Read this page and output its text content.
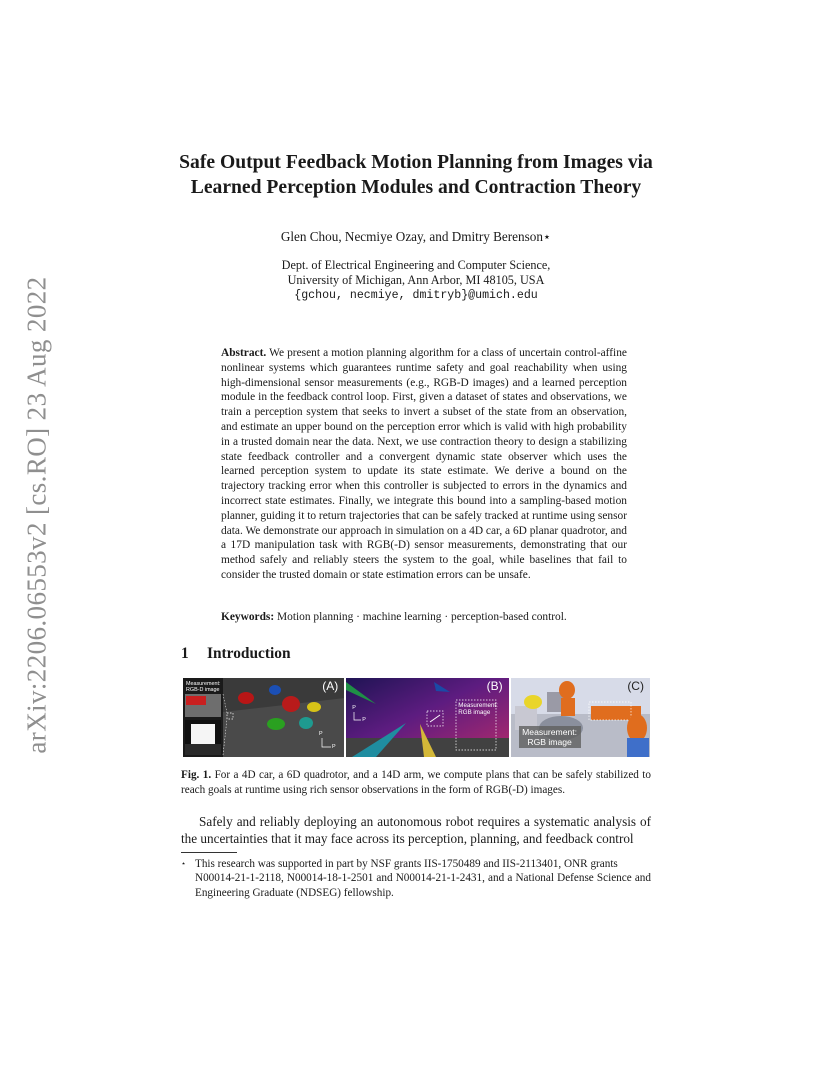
arXiv:2206.06553v2 [cs.RO] 23 Aug 2022
Safe Output Feedback Motion Planning from Images via
Learned Perception Modules and Contraction Theory
Glen Chou, Necmiye Ozay, and Dmitry Berenson⋆
Dept. of Electrical Engineering and Computer Science,
University of Michigan, Ann Arbor, MI 48105, USA
{gchou, necmiye, dmitryb}@umich.edu
Abstract. We present a motion planning algorithm for a class of uncertain control-affine nonlinear systems which guarantees runtime safety and goal reachability when using high-dimensional sensor measurements (e.g., RGB-D images) and a learned perception module in the feedback control loop. First, given a dataset of states and observations, we train a perception system that seeks to invert a subset of the state from an observation, and estimate an upper bound on the perception error which is valid with high probability in a trusted domain near the data. Next, we use contraction theory to design a stabilizing state feedback controller and a convergent dynamic state observer which uses the learned perception system to update its state estimate. We derive a bound on the trajectory tracking error when this controller is subjected to errors in the dynamics and incorrect state estimates. Finally, we integrate this bound into a sampling-based motion planner, guiding it to return trajectories that can be safely tracked at runtime using sensor data. We demonstrate our approach in simulation on a 4D car, a 6D planar quadrotor, and a 17D manipulation task with RGB(-D) sensor measurements, demonstrating that our method safely and reliably steers the system to the goal, while baselines that fail to consider the trusted domain or state estimation errors can be unsafe.
Keywords: Motion planning · machine learning · perception-based control.
1 Introduction
Measurement: RGB-D image
P
P
(A)
Measurement: RGB image
P
P
(B)
Measurement: RGB image
(C)
Fig. 1. For a 4D car, a 6D quadrotor, and a 14D arm, we compute plans that can be safely stabilized to reach goals at runtime using rich sensor observations in the form of RGB(-D) images.

Safely and reliably deploying an autonomous robot requires a systematic analysis of the uncertainties that it may face across its perception, planning, and feedback control

⋆ This research was supported in part by NSF grants IIS-1750489 and IIS-2113401, ONR grants
N00014-21-1-2118, N00014-18-1-2501 and N00014-21-1-2431, and a National Defense Science and Engineering Graduate (NDSEG) fellowship.
